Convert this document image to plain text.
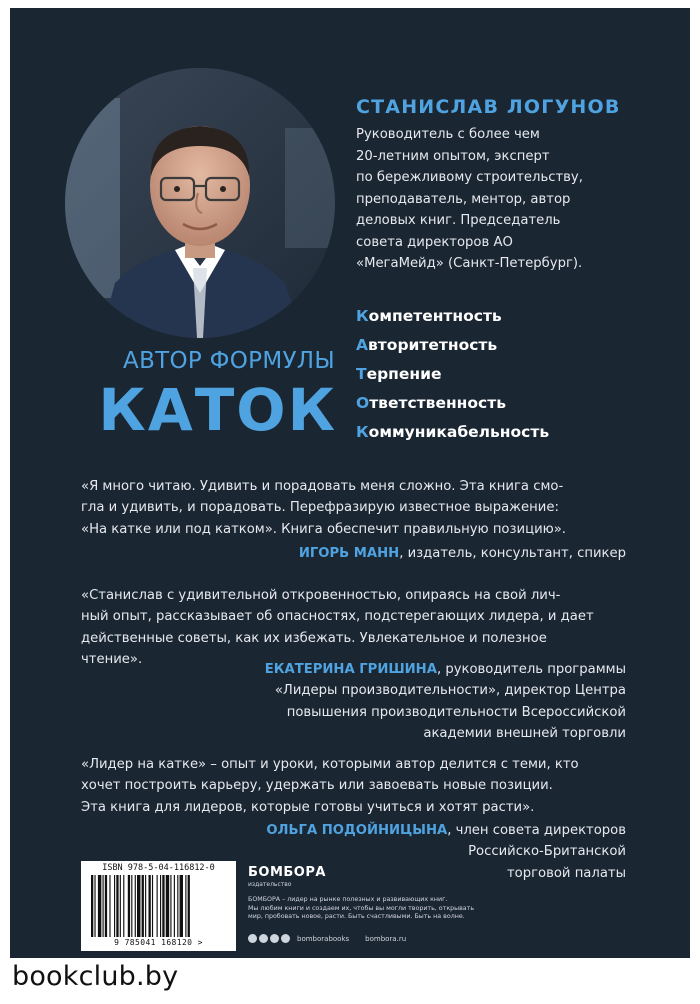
СТАНИСЛАВ ЛОГУНОВ
Руководитель с более чем
20-летним опытом, эксперт
по бережливому строительству,
преподаватель, ментор, автор
деловых книг. Председатель
совета директоров АО
«МегаМейд» (Санкт-Петербург).
АВТОР ФОРМУЛЫ
КАТОК
Компетентность
Авторитетность
Терпение
Ответственность
Коммуникабельность
«Я много читаю. Удивить и порадовать меня сложно. Эта книга смо-
гла и удивить, и порадовать. Перефразирую известное выражение:
«На катке или под катком». Книга обеспечит правильную позицию».
ИГОРЬ МАНН, издатель, консультант, спикер
«Станислав с удивительной откровенностью, опираясь на свой лич-
ный опыт, рассказывает об опасностях, подстерегающих лидера, и дает
действенные советы, как их избежать. Увлекательное и полезное
чтение».
ЕКАТЕРИНА ГРИШИНА, руководитель программы
«Лидеры производительности», директор Центра
повышения производительности Всероссийской
академии внешней торговли
«Лидер на катке» – опыт и уроки, которыми автор делится с теми, кто
хочет построить карьеру, удержать или завоевать новые позиции.
Эта книга для лидеров, которые готовы учиться и хотят расти».
ОЛЬГА ПОДОЙНИЦЫНА, член совета директоров
Российско-Британской
торговой палаты
ISBN 978-5-04-116812-0
9 785041 168120 >
БОМБОРА
издательство
БОМБОРА – лидер на рынке полезных и развивающих книг.
Мы любим книги и создаем их, чтобы вы могли творить, открывать
мир, пробовать новое, расти. Быть счастливыми. Быть на волне.
bomborabooks bombora.ru
bookclub.by
